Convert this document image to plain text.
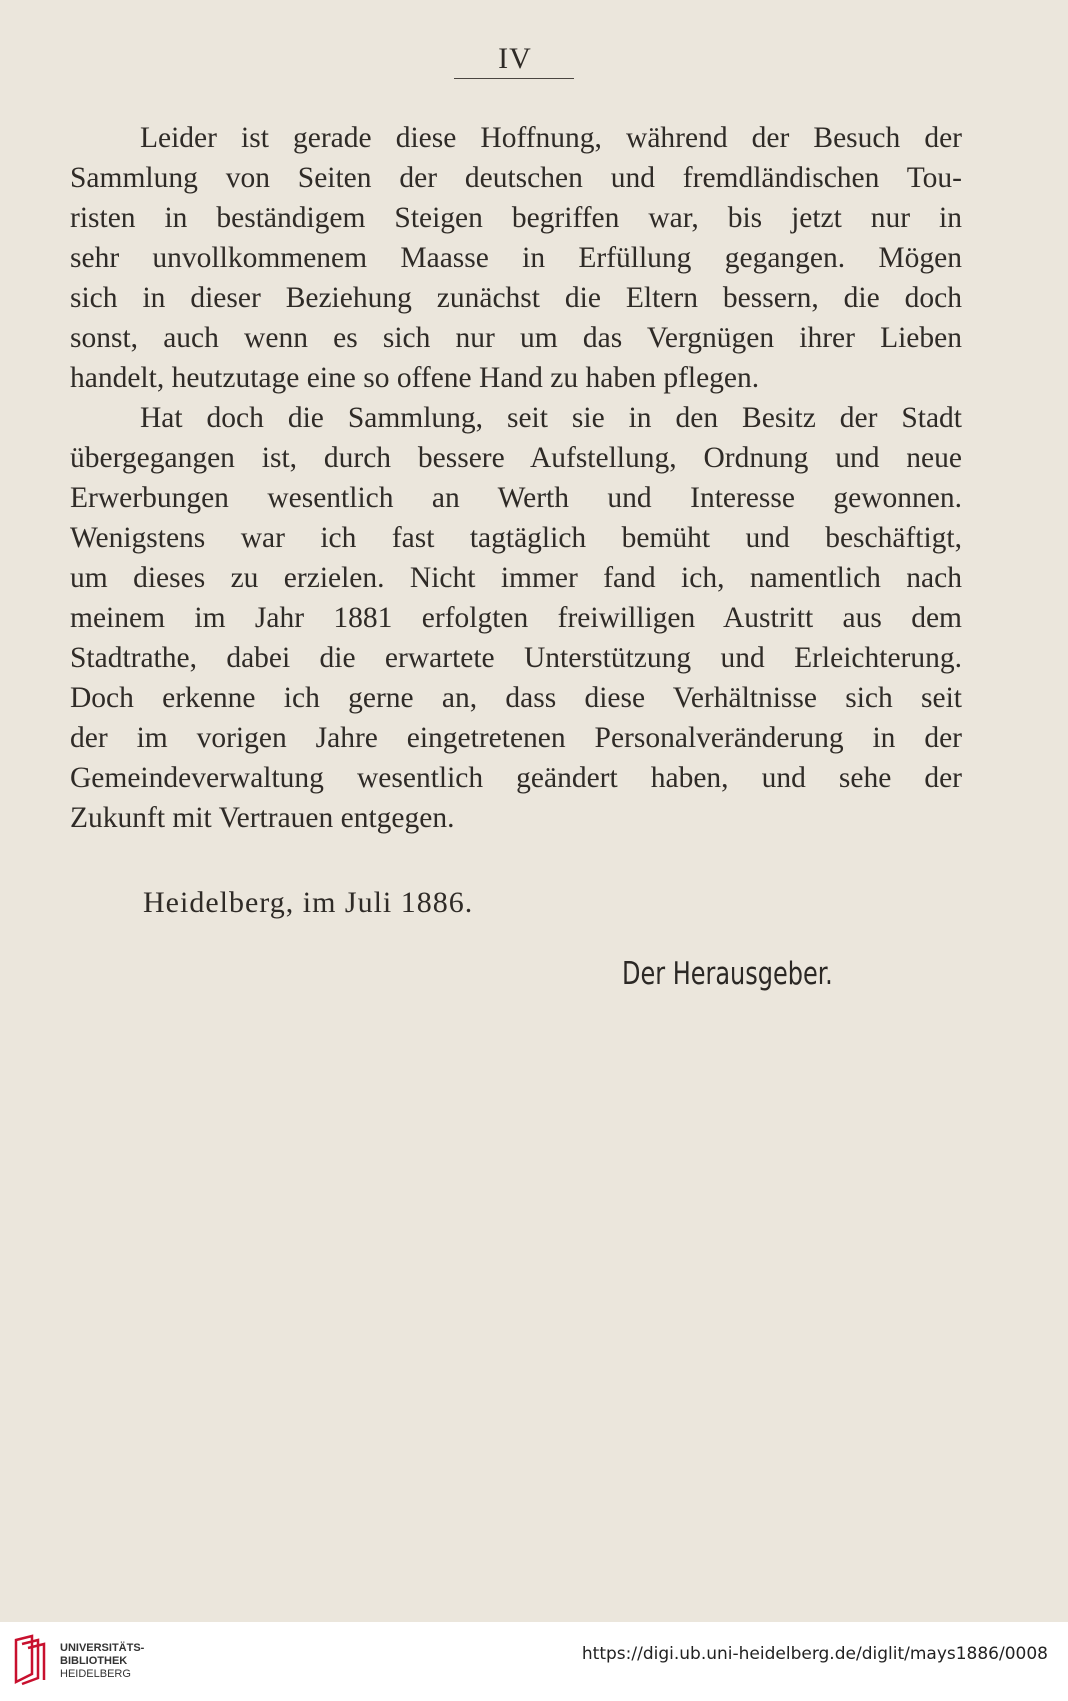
IV
Leider ist gerade diese Hoffnung, während der Besuch der
Sammlung von Seiten der deutschen und fremdländischen Tou-
risten in beständigem Steigen begriffen war, bis jetzt nur in
sehr unvollkommenem Maasse in Erfüllung gegangen. Mögen
sich in dieser Beziehung zunächst die Eltern bessern, die doch
sonst, auch wenn es sich nur um das Vergnügen ihrer Lieben
handelt, heutzutage eine so offene Hand zu haben pflegen.
Hat doch die Sammlung, seit sie in den Besitz der Stadt
übergegangen ist, durch bessere Aufstellung, Ordnung und neue
Erwerbungen wesentlich an Werth und Interesse gewonnen.
Wenigstens war ich fast tagtäglich bemüht und beschäftigt,
um dieses zu erzielen. Nicht immer fand ich, namentlich nach
meinem im Jahr 1881 erfolgten freiwilligen Austritt aus dem
Stadtrathe, dabei die erwartete Unterstützung und Erleichterung.
Doch erkenne ich gerne an, dass diese Verhältnisse sich seit
der im vorigen Jahre eingetretenen Personalveränderung in der
Gemeindeverwaltung wesentlich geändert haben, und sehe der
Zukunft mit Vertrauen entgegen.
Heidelberg, im Juli 1886.
Der Herausgeber.
UNIVERSITÄTS-
BIBLIOTHEK
HEIDELBERG
https://digi.ub.uni-heidelberg.de/diglit/mays1886/0008
